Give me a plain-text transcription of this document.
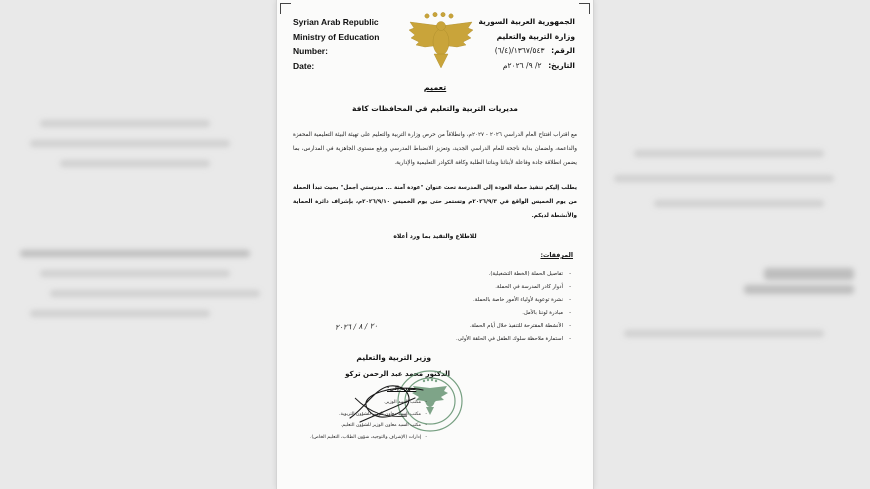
Syrian Arab Republic
Ministry of Education
Number:
Date:
الجمهورية العربية السورية
وزارة التربية والتعليم
الرقم: ١٣٦٧/٥٤٣/(٦/٤)
التاريخ: ٢/ ٩/ ٢٠٢٦م
تعميم
مديريات التربية والتعليم في المحافظات كافة
مع اقتراب افتتاح العام الدراسي ٢٠٢٦ - ٢٠٢٧م، وانطلاقاً من حرص وزارة التربية والتعليم على تهيئة البيئة التعليمية المحفزة والداعمة، ولضمان بداية ناجحة للعام الدراسي الجديد، وتعزيز الانضباط المدرسي ورفع مستوى الجاهزية في المدارس، بما يضمن انطلاقة جادة وفاعلة لأبنائنا وبناتنا الطلبة وكافة الكوادر التعليمية والإدارية.
يطلب إليكم تنفيذ حملة العودة إلى المدرسة تحت عنوان "عودة آمنة ... مدرستي أجمل" بحيث تبدأ الحملة من يوم الخميس الواقع في ٢٠٢٦/٩/٣م وتستمر حتى يوم الخميس ٢٠٢٦/٩/١٠م، بإشراف دائرة الحماية والأنشطة لديكم.
للاطلاع والتقيد بما ورد أعلاه
المرفقات:
-تفاصيل الحملة (الخطة التشغيلية).
-أدوار كادر المدرسة في الحملة.
-نشرة توعوية لأولياء الأمور خاصة بالحملة.
-مبادرة لوننا بالأمل.
-الأنشطة المقترحة للتنفيذ خلال أيام الحملة.
-استمارة ملاحظة سلوك الطفل في الحلقة الأولى.
٢٠ / ٨ / ٢٠٢٦
وزير التربية والتعليم
الدكتور محمد عبد الرحمن تركو
صورة إلى:
-مكتب السيد الوزير.
-مكتب السيد معاون الوزير للشؤون التربوية.
-مكتب السيد معاون الوزير للشؤون التعليم.
-إدارات (الإشراف والتوجيه، شؤون الطلاب، التعليم الخاص).
